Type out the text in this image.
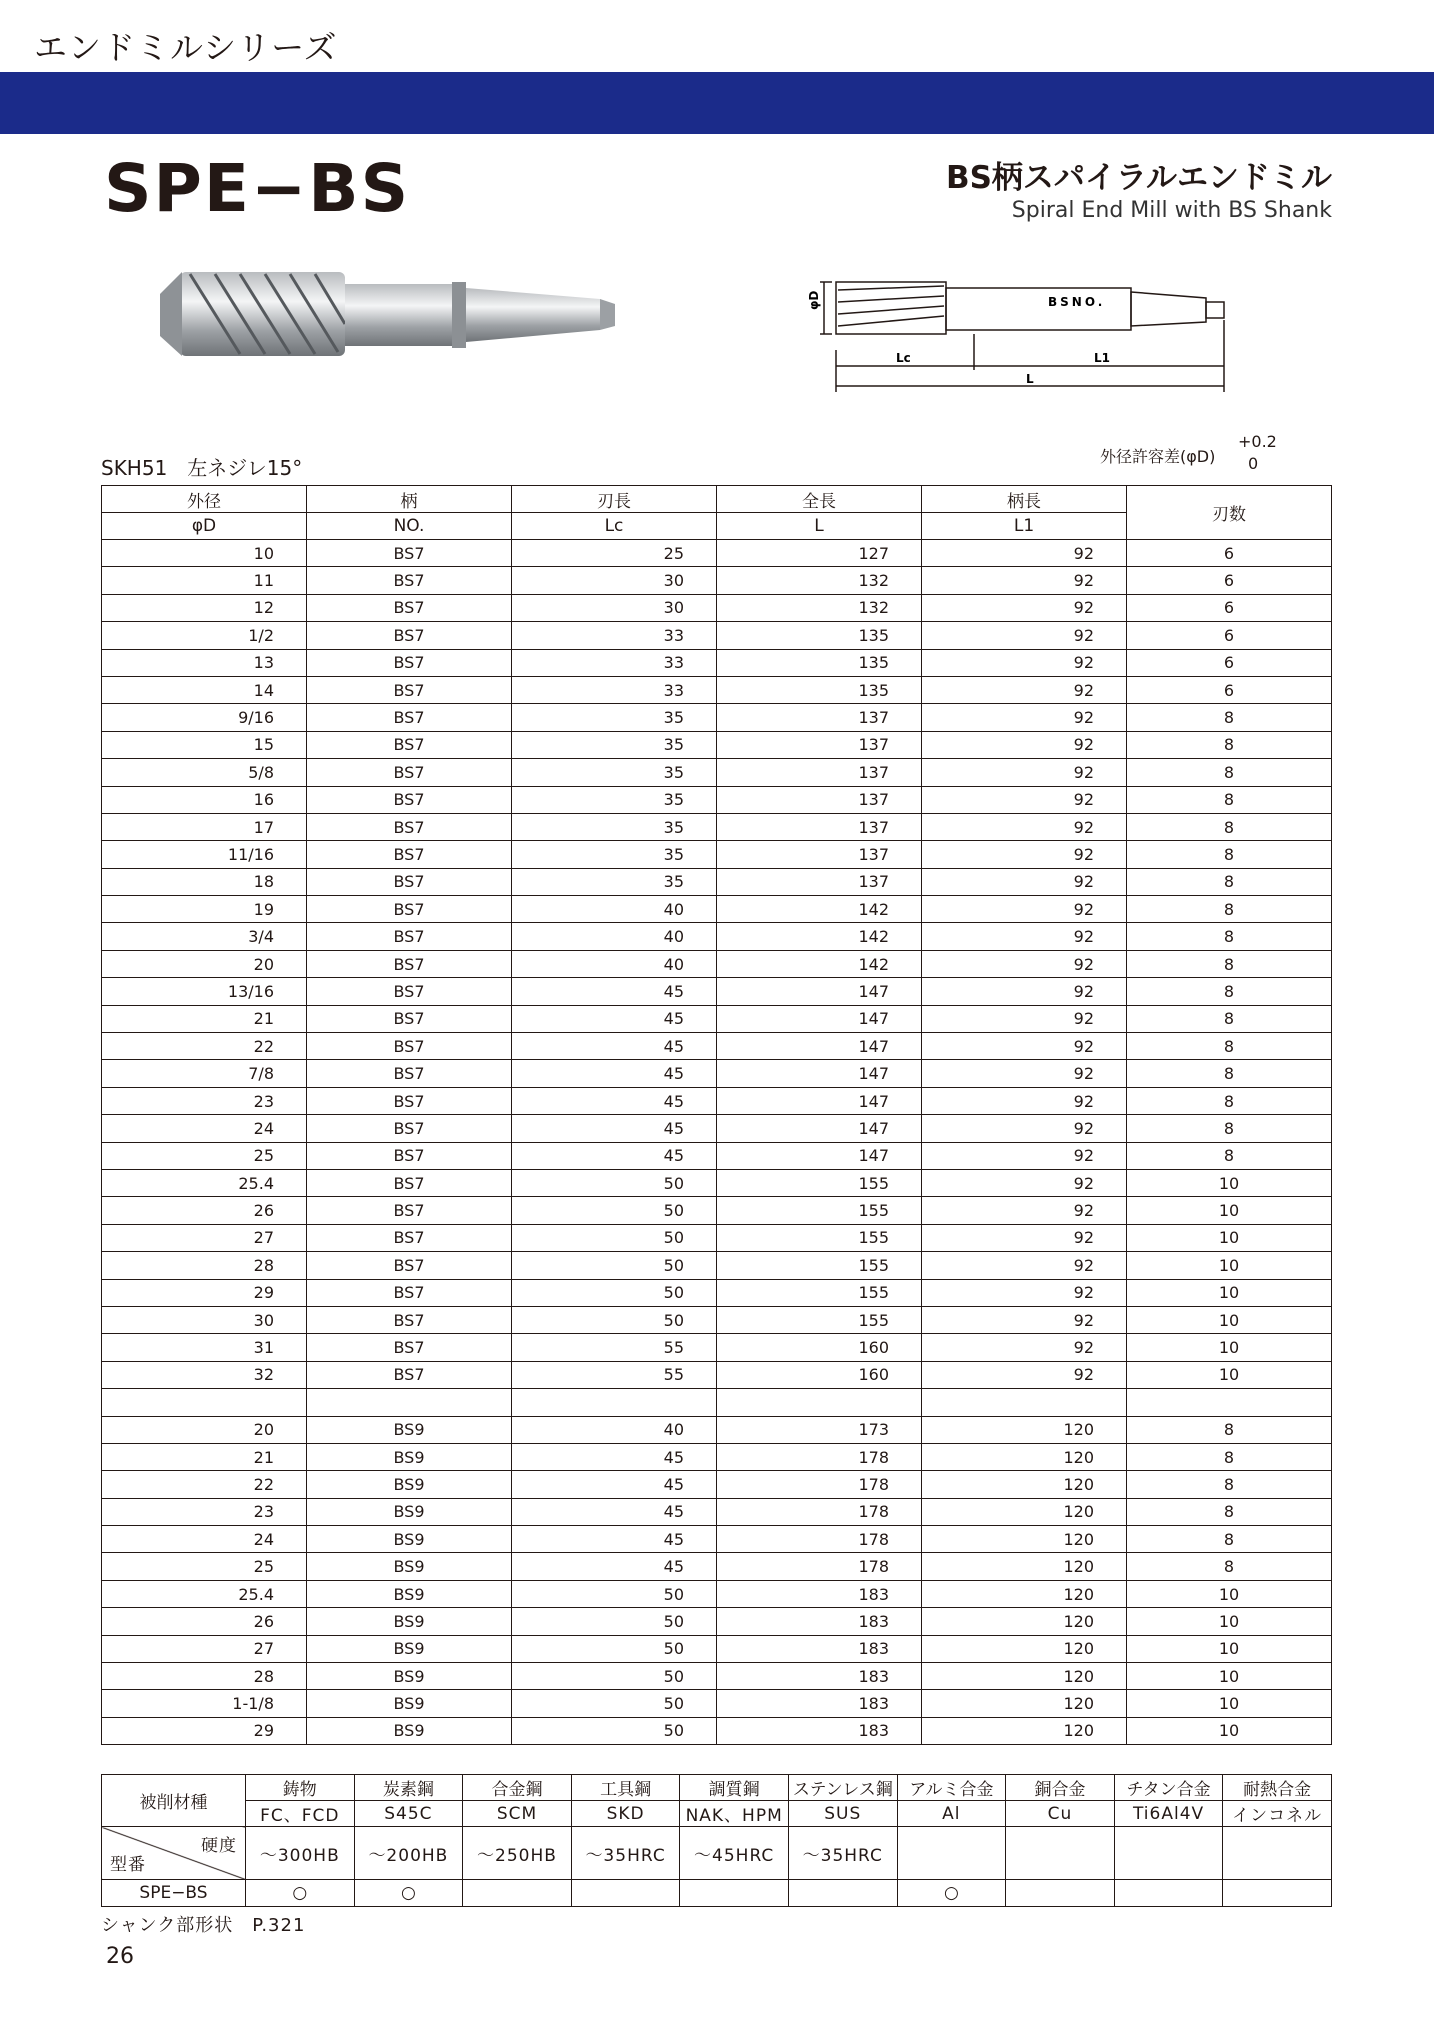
エンドミルシリーズ
SPE−BS	BS柄スパイラルエンドミル
Spiral End Mill with BS Shank
φD	BSNO.
Lc	L1
L
SKH51　左ネジレ15°	外径許容差(φD)
+0.2
0
外径	柄	刃長	全長	柄長	刃数
φD	NO.	Lc	L	L1	
10	BS7	25	127	92	6
11	BS7	30	132	92	6
12	BS7	30	132	92	6
1/2	BS7	33	135	92	6
13	BS7	33	135	92	6
14	BS7	33	135	92	6
9/16	BS7	35	137	92	8
15	BS7	35	137	92	8
5/8	BS7	35	137	92	8
16	BS7	35	137	92	8
17	BS7	35	137	92	8
11/16	BS7	35	137	92	8
18	BS7	35	137	92	8
19	BS7	40	142	92	8
3/4	BS7	40	142	92	8
20	BS7	40	142	92	8
13/16	BS7	45	147	92	8
21	BS7	45	147	92	8
22	BS7	45	147	92	8
7/8	BS7	45	147	92	8
23	BS7	45	147	92	8
24	BS7	45	147	92	8
25	BS7	45	147	92	8
25.4	BS7	50	155	92	10
26	BS7	50	155	92	10
27	BS7	50	155	92	10
28	BS7	50	155	92	10
29	BS7	50	155	92	10
30	BS7	50	155	92	10
31	BS7	55	160	92	10
32	BS7	55	160	92	10

20	BS9	40	173	120	8
21	BS9	45	178	120	8
22	BS9	45	178	120	8
23	BS9	45	178	120	8
24	BS9	45	178	120	8
25	BS9	45	178	120	8
25.4	BS9	50	183	120	10
26	BS9	50	183	120	10
27	BS9	50	183	120	10
28	BS9	50	183	120	10
1-1/8	BS9	50	183	120	10
29	BS9	50	183	120	10
被削材種	鋳物	炭素鋼	合金鋼	工具鋼	調質鋼	ステンレス鋼	アルミ合金	銅合金	チタン合金	耐熱合金
	FC、FCD	S45C	SCM	SKD	NAK、HPM	SUS	Al	Cu	Ti6Al4V	インコネル

硬度
型番	〜300HB	〜200HB	〜250HB	〜35HRC	〜45HRC	〜35HRC				
SPE−BS	○	○					○			
シャンク部形状　P.321
26
